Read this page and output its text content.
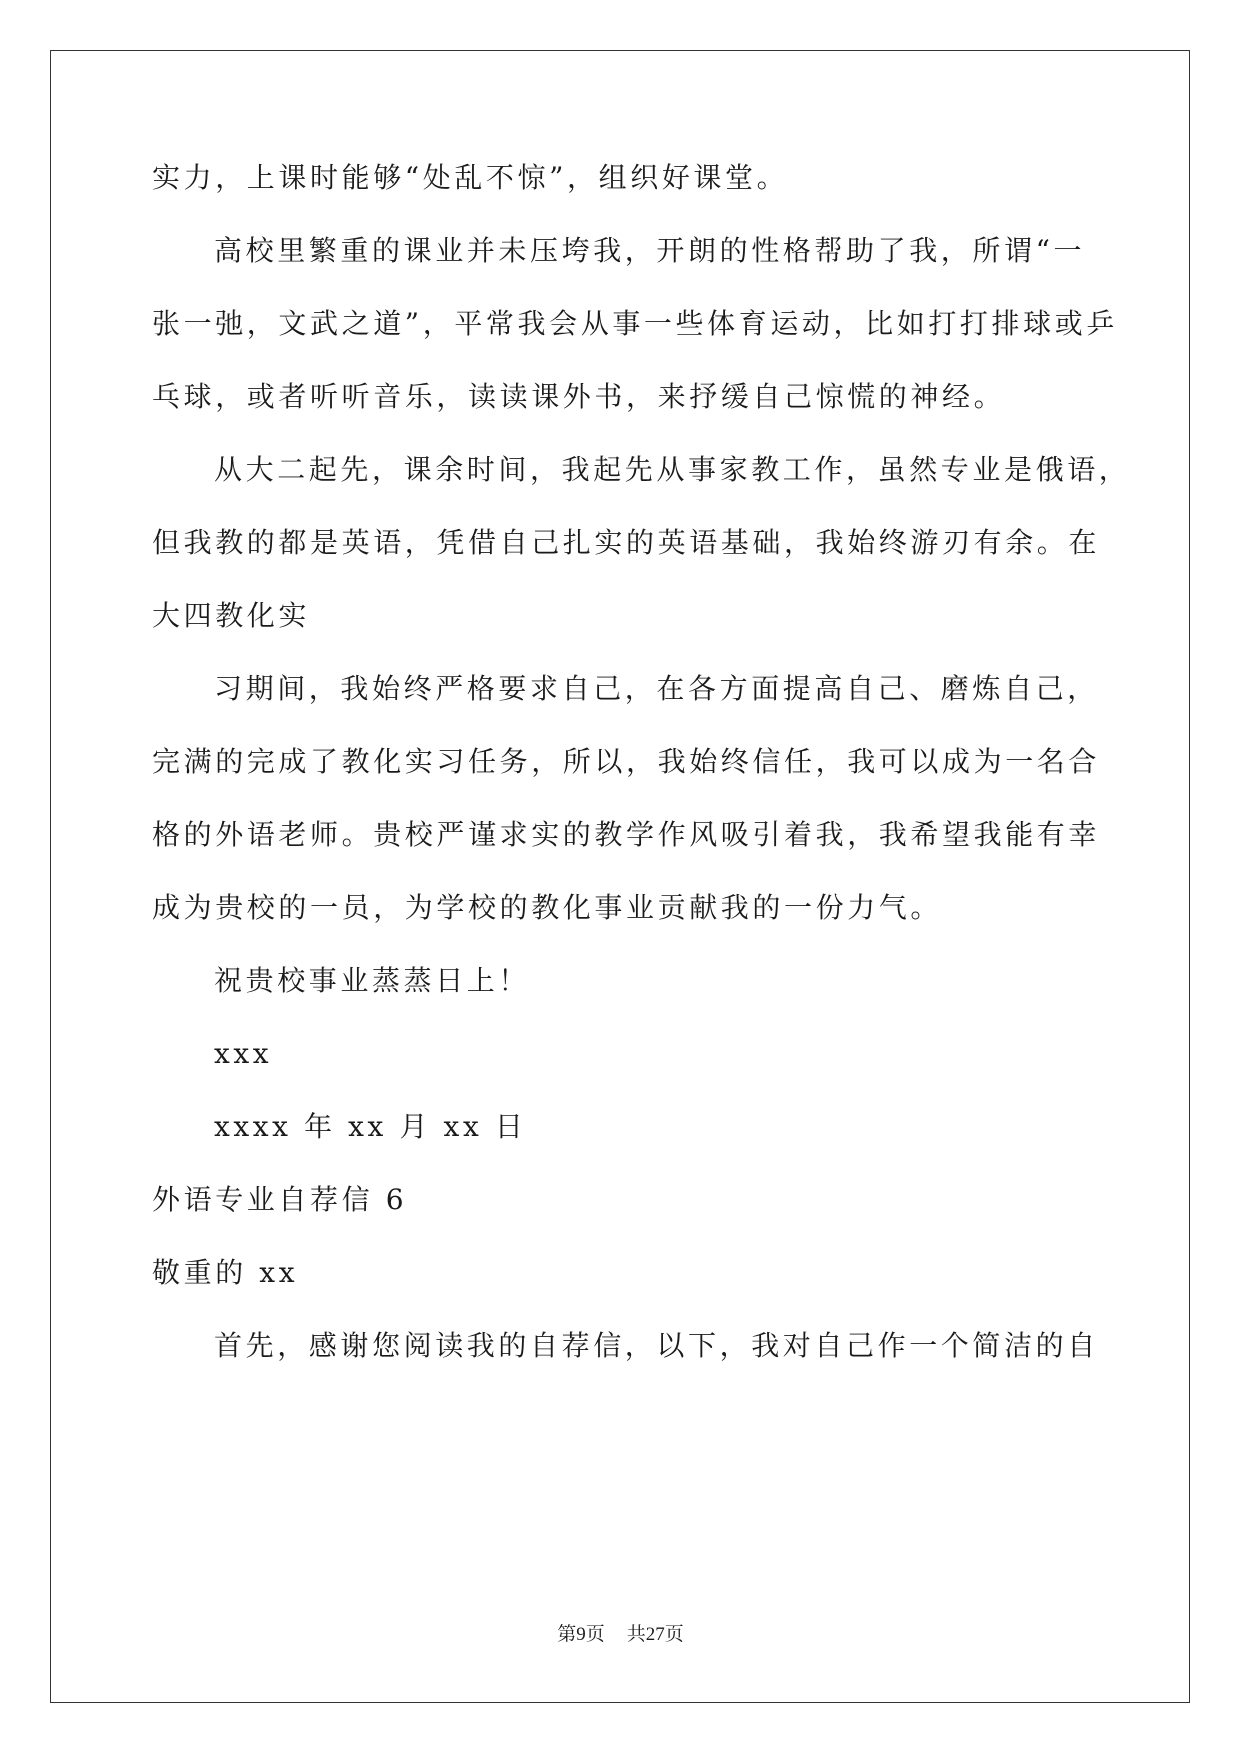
实力，上课时能够“处乱不惊”，组织好课堂。
高校里繁重的课业并未压垮我，开朗的性格帮助了我，所谓“一
张一弛，文武之道”，平常我会从事一些体育运动，比如打打排球或乒
乓球，或者听听音乐，读读课外书，来抒缓自己惊慌的神经。
从大二起先，课余时间，我起先从事家教工作，虽然专业是俄语，
但我教的都是英语，凭借自己扎实的英语基础，我始终游刃有余。在
大四教化实
习期间，我始终严格要求自己，在各方面提高自己、磨炼自己，
完满的完成了教化实习任务，所以，我始终信任，我可以成为一名合
格的外语老师。贵校严谨求实的教学作风吸引着我，我希望我能有幸
成为贵校的一员，为学校的教化事业贡献我的一份力气。
祝贵校事业蒸蒸日上！
xxx
xxxx 年 xx 月 xx 日
外语专业自荐信 6
敬重的 xx
首先，感谢您阅读我的自荐信，以下，我对自己作一个简洁的自
第9页 共27页
